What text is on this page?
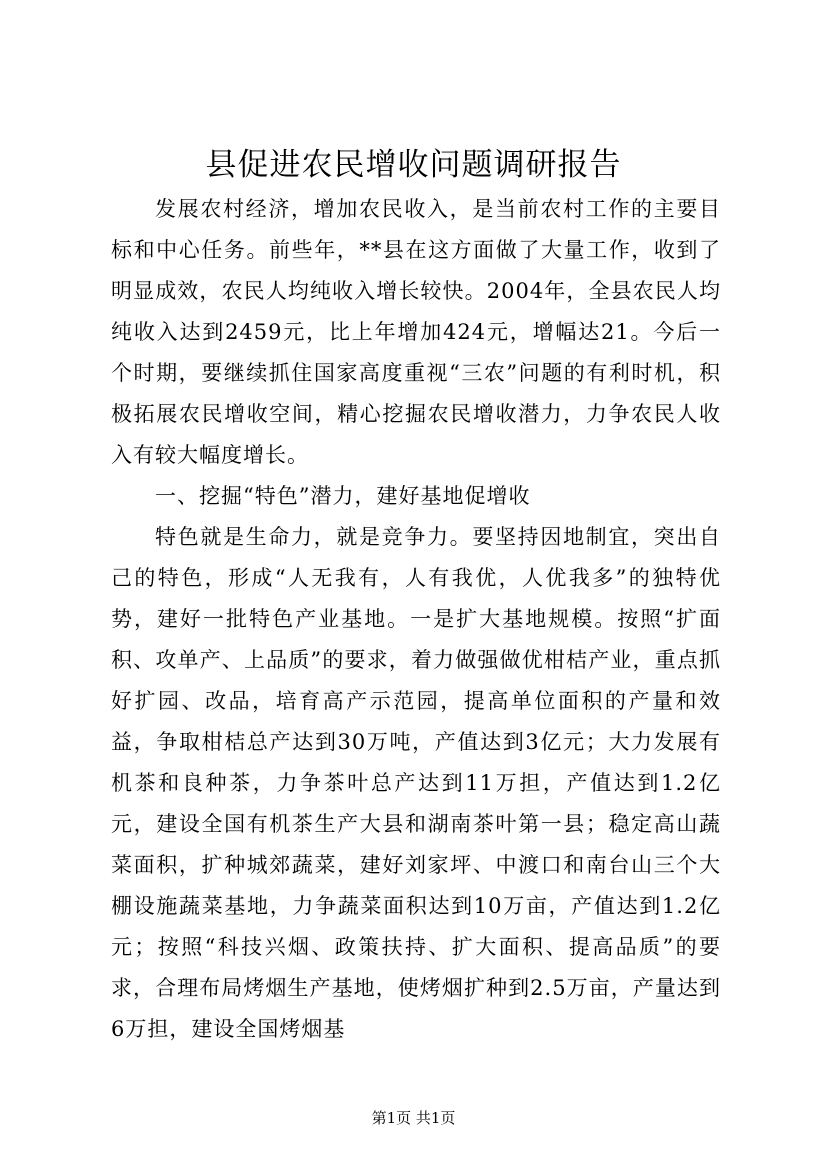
县促进农民增收问题调研报告

发展农村经济，增加农民收入，是当前农村工作的主要目标和中心任务。前些年，**县在这方面做了大量工作，收到了明显成效，农民人均纯收入增长较快。2004年，全县农民人均纯收入达到2459元，比上年增加424元，增幅达21。今后一个时期，要继续抓住国家高度重视“三农”问题的有利时机，积极拓展农民增收空间，精心挖掘农民增收潜力，力争农民人收入有较大幅度增长。

一、挖掘“特色”潜力，建好基地促增收

特色就是生命力，就是竞争力。要坚持因地制宜，突出自己的特色，形成“人无我有，人有我优，人优我多”的独特优势，建好一批特色产业基地。一是扩大基地规模。按照“扩面积、攻单产、上品质”的要求，着力做强做优柑桔产业，重点抓好扩园、改品，培育高产示范园，提高单位面积的产量和效益，争取柑桔总产达到30万吨，产值达到3亿元；大力发展有机茶和良种茶，力争茶叶总产达到11万担，产值达到1.2亿元，建设全国有机茶生产大县和湖南茶叶第一县；稳定高山蔬菜面积，扩种城郊蔬菜，建好刘家坪、中渡口和南台山三个大棚设施蔬菜基地，力争蔬菜面积达到10万亩，产值达到1.2亿元；按照“科技兴烟、政策扶持、扩大面积、提高品质”的要求，合理布局烤烟生产基地，使烤烟扩种到2.5万亩，产量达到6万担，建设全国烤烟基

第1页 共1页
